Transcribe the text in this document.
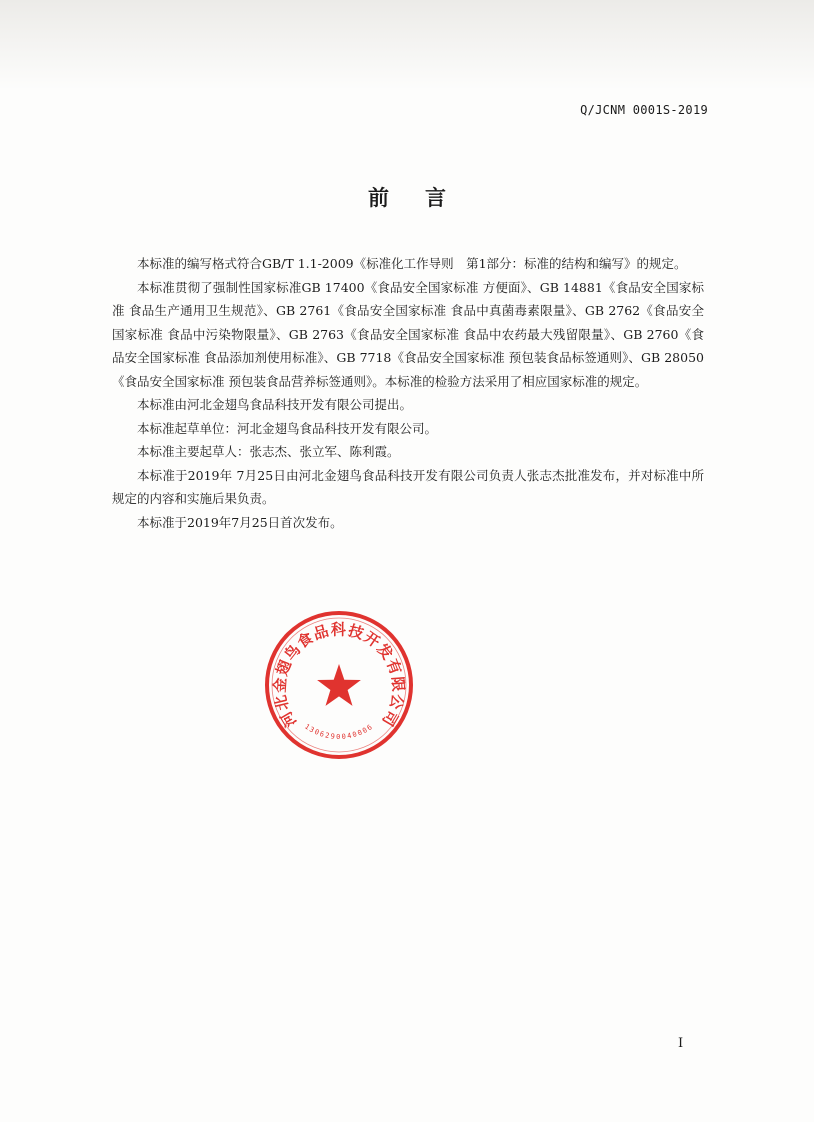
Q/JCNM 0001S-2019
前言

本标准的编写格式符合GB/T 1.1-2009《标准化工作导则　第1部分：标准的结构和编写》的规定。

本标准贯彻了强制性国家标准GB 17400《食品安全国家标准 方便面》、GB 14881《食品安全国家标准 食品生产通用卫生规范》、GB 2761《食品安全国家标准 食品中真菌毒素限量》、GB 2762《食品安全国家标准 食品中污染物限量》、GB 2763《食品安全国家标准 食品中农药最大残留限量》、GB 2760《食品安全国家标准 食品添加剂使用标准》、GB 7718《食品安全国家标准 预包装食品标签通则》、GB 28050《食品安全国家标准 预包装食品营养标签通则》。本标准的检验方法采用了相应国家标准的规定。

本标准由河北金翅鸟食品科技开发有限公司提出。

本标准起草单位：河北金翅鸟食品科技开发有限公司。

本标准主要起草人：张志杰、张立军、陈利霞。

本标准于2019年 7月25日由河北金翅鸟食品科技开发有限公司负责人张志杰批准发布，并对标准中所规定的内容和实施后果负责。

本标准于2019年7月25日首次发布。

河北金翅鸟食品科技开发有限公司
1306290040006
I
